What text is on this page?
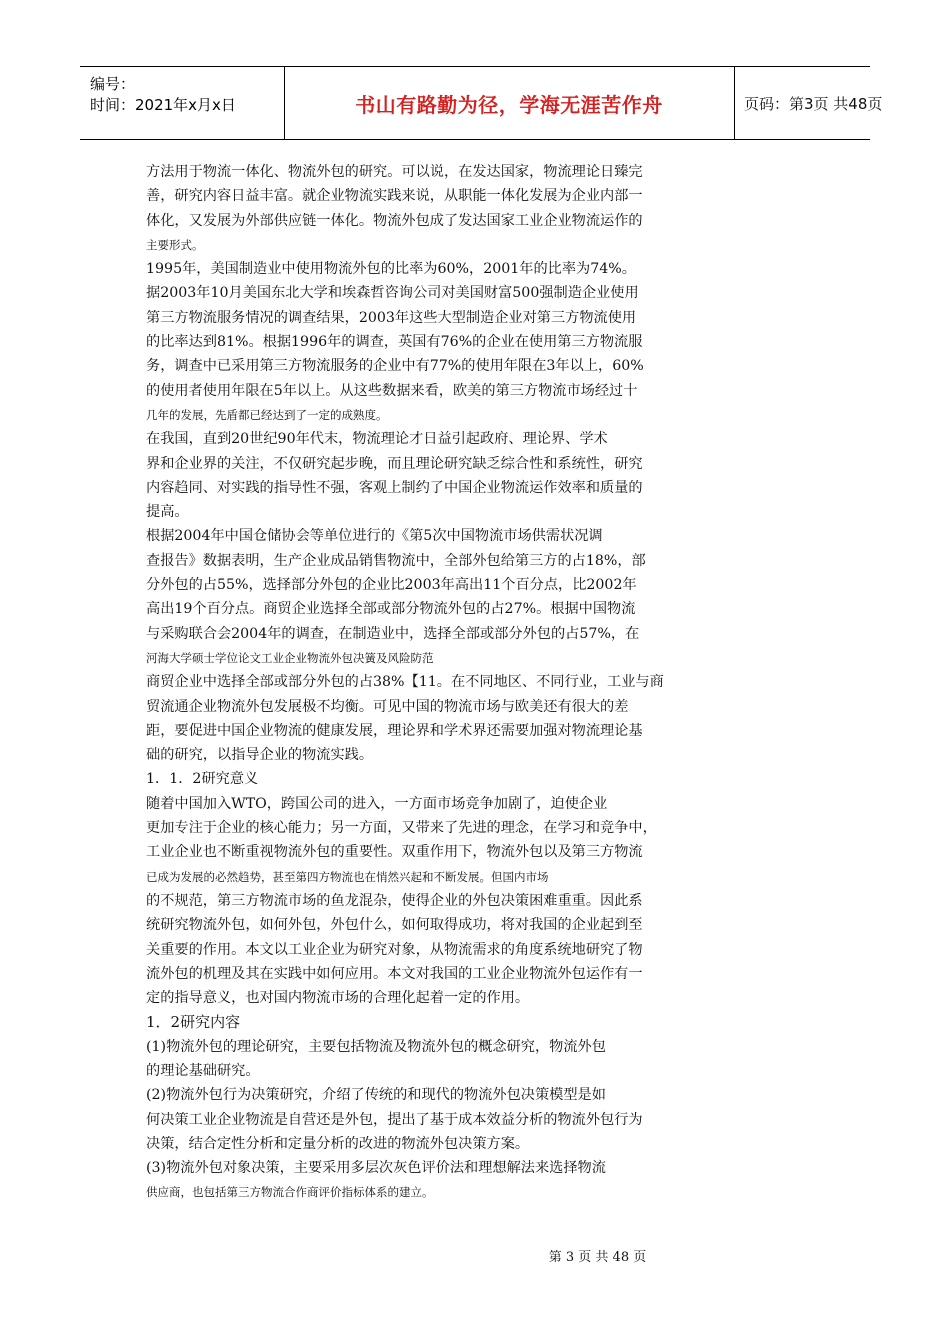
编号：
时间：2021年x月x日	书山有路勤为径，学海无涯苦作舟	页码：第3页 共48页
方法用于物流一体化、物流外包的研究。可以说，在发达国家，物流理论日臻完
善，研究内容日益丰富。就企业物流实践来说，从职能一体化发展为企业内部一
体化，又发展为外部供应链一体化。物流外包成了发达国家工业企业物流运作的
主要形式。
1995年，美国制造业中使用物流外包的比率为60%，2001年的比率为74%。
据2003年10月美国东北大学和埃森哲咨询公司对美国财富500强制造企业使用
第三方物流服务情况的调查结果，2003年这些大型制造企业对第三方物流使用
的比率达到81%。根据1996年的调查，英国有76%的企业在使用第三方物流服
务，调查中已采用第三方物流服务的企业中有77%的使用年限在3年以上，60%
的使用者使用年限在5年以上。从这些数据来看，欧美的第三方物流市场经过十
几年的发展，先盾都已经达到了一定的成熟度。
在我国，直到20世纪90年代末，物流理论才日益引起政府、理论界、学术
界和企业界的关注，不仅研究起步晚，而且理论研究缺乏综合性和系统性，研究
内容趋同、对实践的指导性不强，客观上制约了中国企业物流运作效率和质量的
提高。
根据2004年中国仓储协会等单位进行的《第5次中国物流市场供需状况调
查报告》数据表明，生产企业成品销售物流中，全部外包给第三方的占18%，部
分外包的占55%，选择部分外包的企业比2003年高出11个百分点，比2002年
高出19个百分点。商贸企业选择全部或部分物流外包的占27%。根据中国物流
与采购联合会2004年的调查，在制造业中，选择全部或部分外包的占57%，在
河海大学硕士学位论文工业企业物流外包决簧及风险防范
商贸企业中选择全部或部分外包的占38%【11。在不同地区、不同行业，工业与商
贸流通企业物流外包发展极不均衡。可见中国的物流市场与欧美还有很大的差
距，要促进中国企业物流的健康发展，理论界和学术界还需要加强对物流理论基
础的研究，以指导企业的物流实践。
1．1．2研究意义
随着中国加入WTO，跨国公司的进入，一方面市场竞争加剧了，迫使企业
更加专注于企业的核心能力；另一方面，又带来了先进的理念，在学习和竞争中，
工业企业也不断重视物流外包的重要性。双重作用下，物流外包以及第三方物流
已成为发展的必然趋势，甚至第四方物流也在悄然兴起和不断发展。但国内市场
的不规范，第三方物流市场的鱼龙混杂，使得企业的外包决策困难重重。因此系
统研究物流外包，如何外包，外包什么，如何取得成功，将对我国的企业起到至
关重要的作用。本文以工业企业为研究对象，从物流需求的角度系统地研究了物
流外包的机理及其在实践中如何应用。本文对我国的工业企业物流外包运作有一
定的指导意义，也对国内物流市场的合理化起着一定的作用。
1．2研究内容
(1)物流外包的理论研究，主要包括物流及物流外包的概念研究，物流外包
的理论基础研究。
(2)物流外包行为决策研究，介绍了传统的和现代的物流外包决策模型是如
何决策工业企业物流是自营还是外包，提出了基于成本效益分析的物流外包行为
决策，结合定性分析和定量分析的改进的物流外包决策方案。
(3)物流外包对象决策，主要采用多层次灰色评价法和理想解法来选择物流
供应商，也包括第三方物流合作商评价指标体系的建立。
第 3 页 共 48 页
